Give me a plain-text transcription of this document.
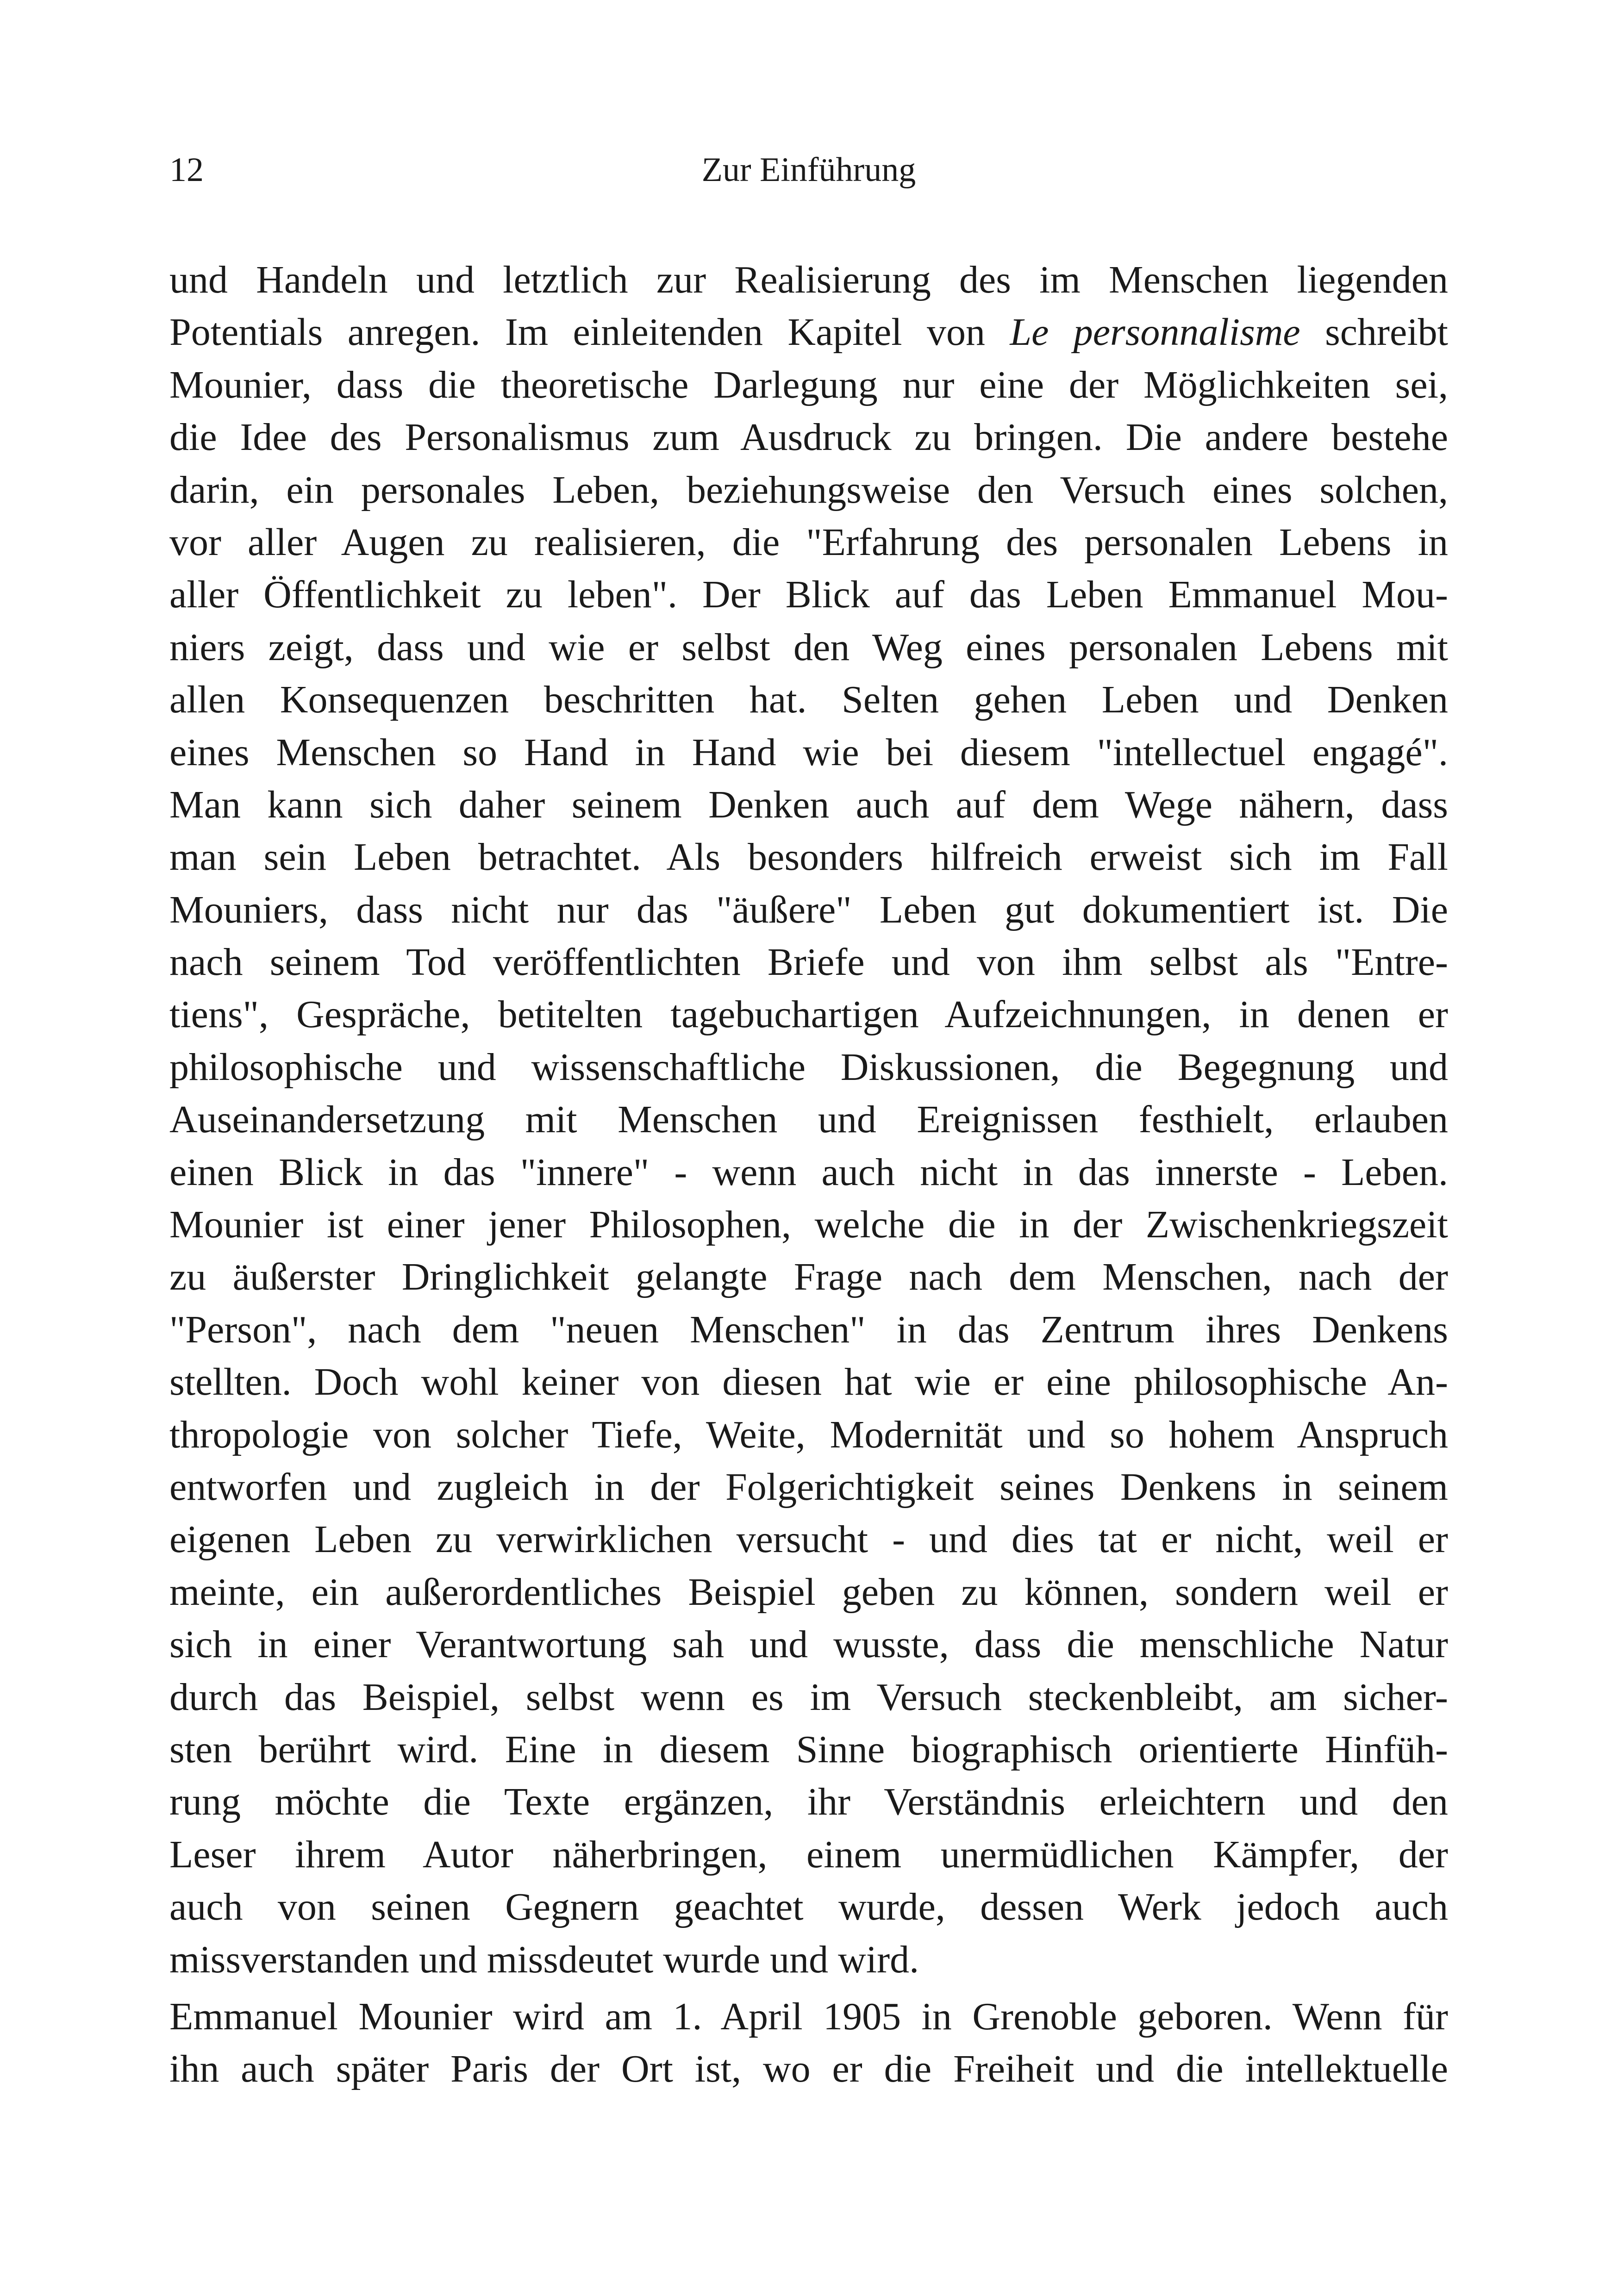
12	Zur Einführung
und Handeln und letztlich zur Realisierung des im Menschen liegenden
Potentials anregen. Im einleitenden Kapitel von Le personnalisme schreibt
Mounier, dass die theoretische Darlegung nur eine der Möglichkeiten sei,
die Idee des Personalismus zum Ausdruck zu bringen. Die andere bestehe
darin, ein personales Leben, beziehungsweise den Versuch eines solchen,
vor aller Augen zu realisieren, die "Erfahrung des personalen Lebens in
aller Öffentlichkeit zu leben". Der Blick auf das Leben Emmanuel Mou-
niers zeigt, dass und wie er selbst den Weg eines personalen Lebens mit
allen Konsequenzen beschritten hat. Selten gehen Leben und Denken
eines Menschen so Hand in Hand wie bei diesem "intellectuel engagé".
Man kann sich daher seinem Denken auch auf dem Wege nähern, dass
man sein Leben betrachtet. Als besonders hilfreich erweist sich im Fall
Mouniers, dass nicht nur das "äußere" Leben gut dokumentiert ist. Die
nach seinem Tod veröffentlichten Briefe und von ihm selbst als "Entre-
tiens", Gespräche, betitelten tagebuchartigen Aufzeichnungen, in denen er
philosophische und wissenschaftliche Diskussionen, die Begegnung und
Auseinandersetzung mit Menschen und Ereignissen festhielt, erlauben
einen Blick in das "innere" - wenn auch nicht in das innerste - Leben.
Mounier ist einer jener Philosophen, welche die in der Zwischenkriegszeit
zu äußerster Dringlichkeit gelangte Frage nach dem Menschen, nach der
"Person", nach dem "neuen Menschen" in das Zentrum ihres Denkens
stellten. Doch wohl keiner von diesen hat wie er eine philosophische An-
thropologie von solcher Tiefe, Weite, Modernität und so hohem Anspruch
entworfen und zugleich in der Folgerichtigkeit seines Denkens in seinem
eigenen Leben zu verwirklichen versucht - und dies tat er nicht, weil er
meinte, ein außerordentliches Beispiel geben zu können, sondern weil er
sich in einer Verantwortung sah und wusste, dass die menschliche Natur
durch das Beispiel, selbst wenn es im Versuch steckenbleibt, am sicher-
sten berührt wird. Eine in diesem Sinne biographisch orientierte Hinfüh-
rung möchte die Texte ergänzen, ihr Verständnis erleichtern und den
Leser ihrem Autor näherbringen, einem unermüdlichen Kämpfer, der
auch von seinen Gegnern geachtet wurde, dessen Werk jedoch auch
missverstanden und missdeutet wurde und wird.
Emmanuel Mounier wird am 1. April 1905 in Grenoble geboren. Wenn für
ihn auch später Paris der Ort ist, wo er die Freiheit und die intellektuelle
